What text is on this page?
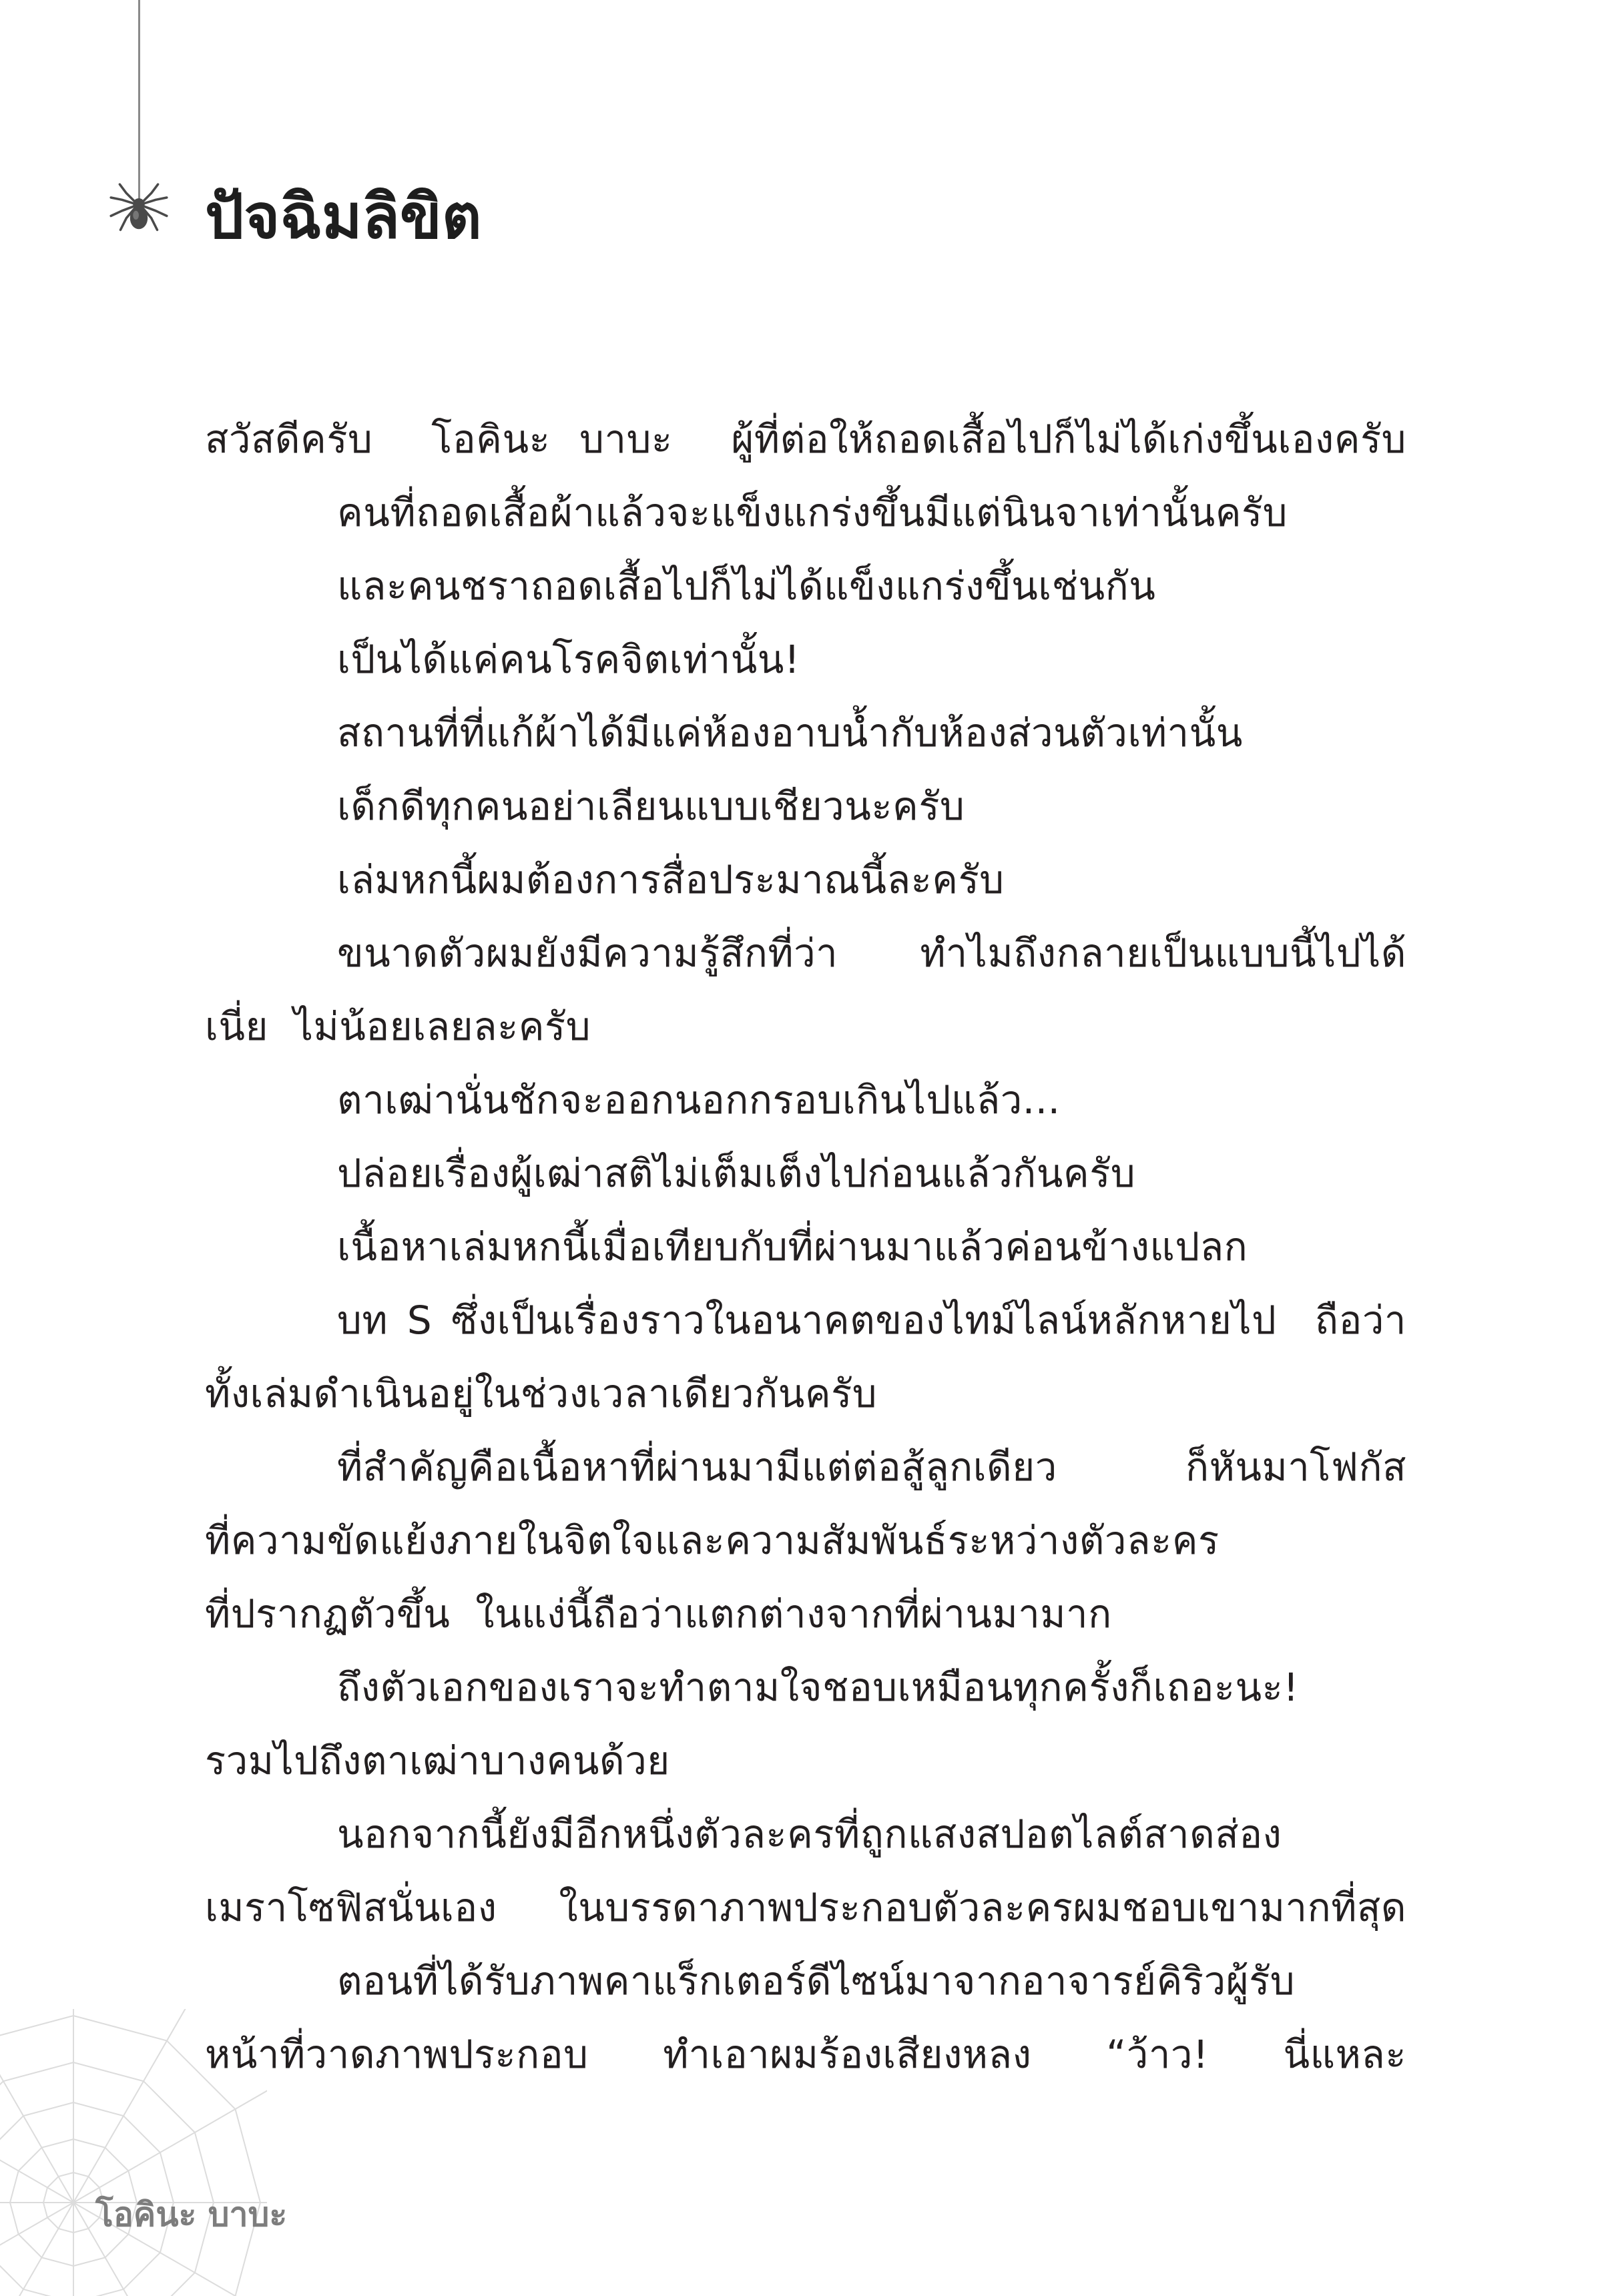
ปัจฉิมลิขิต
สวัสดีครับ  โอคินะ บาบะ  ผู้ที่ต่อให้ถอดเสื้อไปก็ไม่ได้เก่งขึ้นเองครับ
คนที่ถอดเสื้อผ้าแล้วจะแข็งแกร่งขึ้นมีแต่นินจาเท่านั้นครับ
และคนชราถอดเสื้อไปก็ไม่ได้แข็งแกร่งขึ้นเช่นกัน
เป็นได้แค่คนโรคจิตเท่านั้น!
สถานที่ที่แก้ผ้าได้มีแค่ห้องอาบน้ำกับห้องส่วนตัวเท่านั้น
เด็กดีทุกคนอย่าเลียนแบบเชียวนะครับ
เล่มหกนี้ผมต้องการสื่อประมาณนี้ละครับ
ขนาดตัวผมยังมีความรู้สึกที่ว่า  ทำไมถึงกลายเป็นแบบนี้ไปได้
เนี่ย  ไม่น้อยเลยละครับ
ตาเฒ่านั่นชักจะออกนอกกรอบเกินไปแล้ว...
ปล่อยเรื่องผู้เฒ่าสติไม่เต็มเต็งไปก่อนแล้วกันครับ
เนื้อหาเล่มหกนี้เมื่อเทียบกับที่ผ่านมาแล้วค่อนข้างแปลก
บท S ซึ่งเป็นเรื่องราวในอนาคตของไทม์ไลน์หลักหายไป  ถือว่า
ทั้งเล่มดำเนินอยู่ในช่วงเวลาเดียวกันครับ
ที่สำคัญคือเนื้อหาที่ผ่านมามีแต่ต่อสู้ลูกเดียว  ก็หันมาโฟกัส
ที่ความขัดแย้งภายในจิตใจและความสัมพันธ์ระหว่างตัวละคร
ที่ปรากฏตัวขึ้น  ในแง่นี้ถือว่าแตกต่างจากที่ผ่านมามาก
ถึงตัวเอกของเราจะทำตามใจชอบเหมือนทุกครั้งก็เถอะนะ!
รวมไปถึงตาเฒ่าบางคนด้วย
นอกจากนี้ยังมีอีกหนึ่งตัวละครที่ถูกแสงสปอตไลต์สาดส่อง
เมราโซฟิสนั่นเอง  ในบรรดาภาพประกอบตัวละครผมชอบเขามากที่สุด
ตอนที่ได้รับภาพคาแร็กเตอร์ดีไซน์มาจากอาจารย์คิริวผู้รับ
หน้าที่วาดภาพประกอบ  ทำเอาผมร้องเสียงหลง  “ว้าว!  นี่แหละ
โอคินะ บาบะ
